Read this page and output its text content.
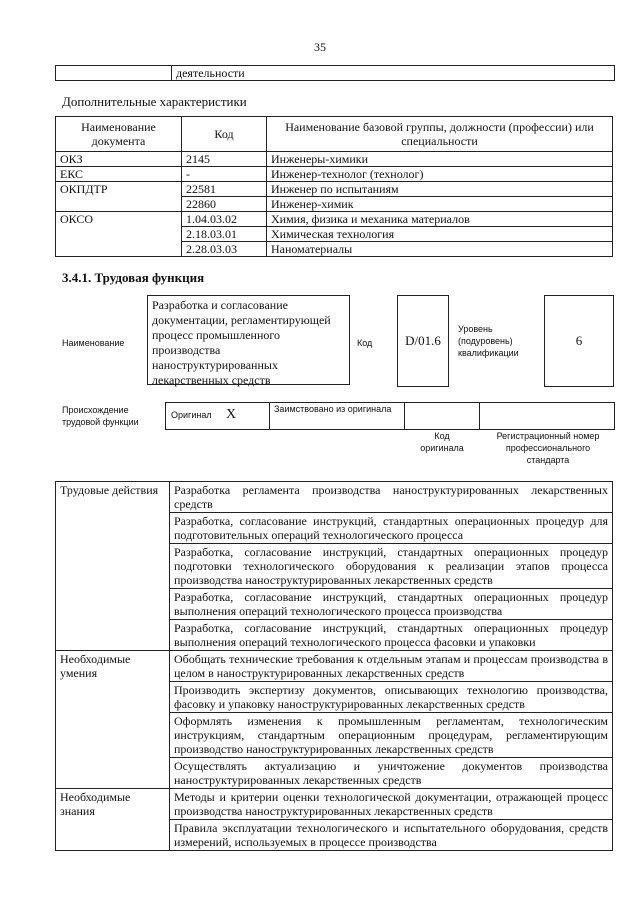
35
	деятельности
Дополнительные характеристики
Наименование документа	Код	Наименование базовой группы, должности (профессии) или специальности
ОКЗ	2145	Инженеры-химики
ЕКС	-	Инженер-технолог (технолог)
ОКПДТР	22581	Инженер по испытаниям
	22860	Инженер-химик
ОКСО	1.04.03.02	Химия, физика и механика материалов
	2.18.03.01	Химическая технология
	2.28.03.03	Наноматериалы
3.4.1. Трудовая функция
Наименование
Разработка и согласование документации, регламентирующей процесс промышленного производства наноструктурированных лекарственных средств
Код	D/01.6
Уровень (подуровень) квалификации
6
Происхождение трудовой функции
Оригинал X	Заимствовано из оригинала
Код оригинала
Регистрационный номер профессионального стандарта
Трудовые действия	Разработка регламента производства наноструктурированных лекарственных средств
	Разработка, согласование инструкций, стандартных операционных процедур для подготовительных операций технологического процесса
	Разработка, согласование инструкций, стандартных операционных процедур подготовки технологического оборудования к реализации этапов процесса производства наноструктурированных лекарственных средств
	Разработка, согласование инструкций, стандартных операционных процедур выполнения операций технологического процесса производства
	Разработка, согласование инструкций, стандартных операционных процедур выполнения операций технологического процесса фасовки и упаковки
Необходимые умения	Обобщать технические требования к отдельным этапам и процессам производства в целом в наноструктурированных лекарственных средств
	Производить экспертизу документов, описывающих технологию производства, фасовку и упаковку наноструктурированных лекарственных средств
	Оформлять изменения к промышленным регламентам, технологическим инструкциям, стандартным операционным процедурам, регламентирующим производство наноструктурированных лекарственных средств
	Осуществлять актуализацию и уничтожение документов производства наноструктурированных лекарственных средств
Необходимые знания	Методы и критерии оценки технологической документации, отражающей процесс производства наноструктурированных лекарственных средств
	Правила эксплуатации технологического и испытательного оборудования, средств измерений, используемых в процессе производства
